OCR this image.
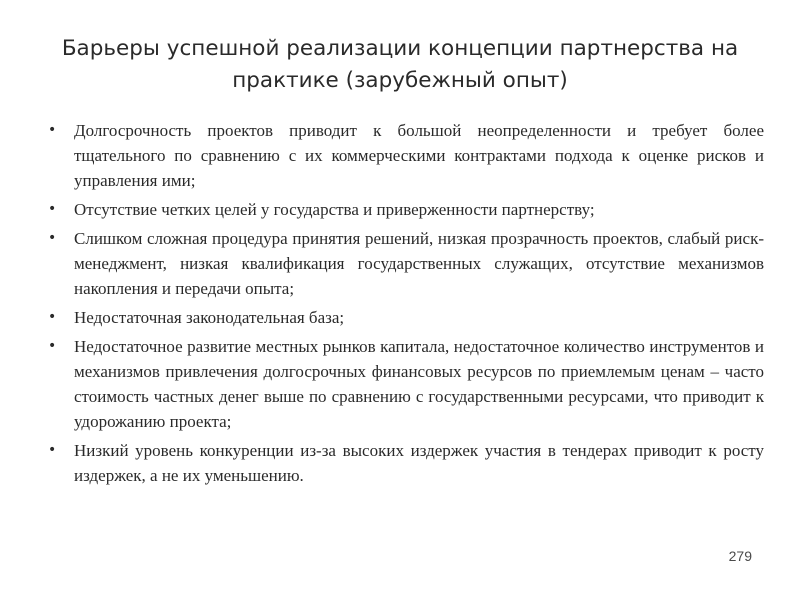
Барьеры успешной реализации концепции партнерства на
практике (зарубежный опыт)
• Долгосрочность проектов приводит к большой неопределенности и требует более тщательного по сравнению с их коммерческими контрактами подхода к оценке рисков и управления ими;
• Отсутствие четких целей у государства и приверженности партнерству;
• Слишком сложная процедура принятия решений, низкая прозрачность проектов, слабый риск-менеджмент, низкая квалификация государственных служащих, отсутствие механизмов накопления и передачи опыта;
• Недостаточная законодательная база;
• Недостаточное развитие местных рынков капитала, недостаточное количество инструментов и механизмов привлечения долгосрочных финансовых ресурсов по приемлемым ценам – часто стоимость частных денег выше по сравнению с государственными ресурсами, что приводит к удорожанию проекта;
• Низкий уровень конкуренции из-за высоких издержек участия в тендерах приводит к росту издержек, а не их уменьшению.
279
